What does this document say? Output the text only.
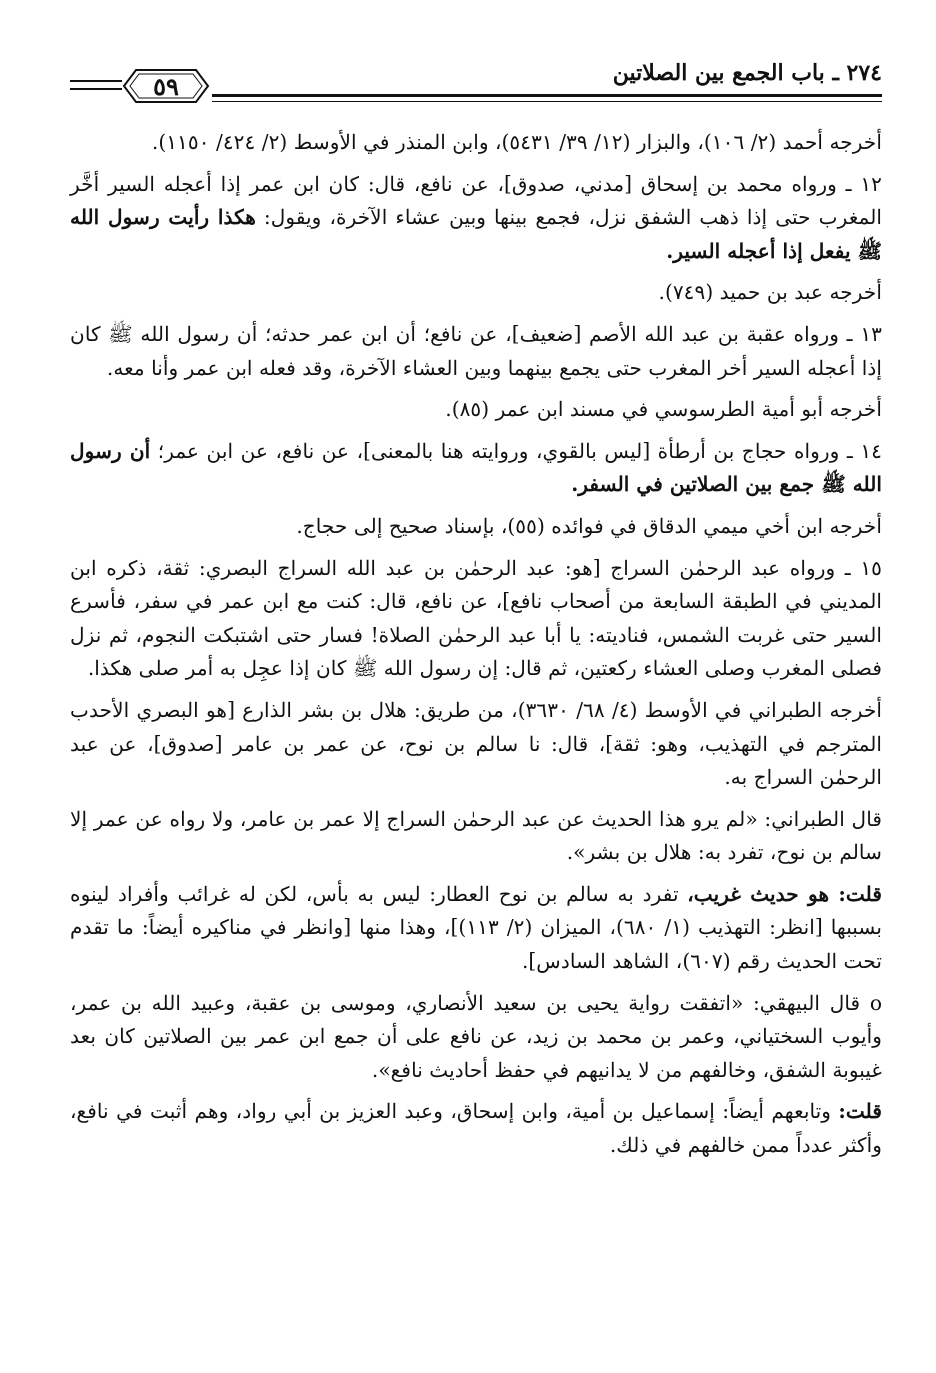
٥٩	٢٧٤ ـ باب الجمع بين الصلاتين

أخرجه أحمد (٢/ ١٠٦)، والبزار (١٢/ ٣٩/ ٥٤٣١)، وابن المنذر في الأوسط (٢/ ٤٢٤/ ١١٥٠).

١٢ ـ ورواه محمد بن إسحاق [مدني، صدوق]، عن نافع، قال: كان ابن عمر إذا أعجله السير أخَّر المغرب حتى إذا ذهب الشفق نزل، فجمع بينها وبين عشاء الآخرة، ويقول: هكذا رأيت رسول الله ﷺ يفعل إذا أعجله السير.

أخرجه عبد بن حميد (٧٤٩).

١٣ ـ ورواه عقبة بن عبد الله الأصم [ضعيف]، عن نافع؛ أن ابن عمر حدثه؛ أن رسول الله ﷺ كان إذا أعجله السير أخر المغرب حتى يجمع بينهما وبين العشاء الآخرة، وقد فعله ابن عمر وأنا معه.

أخرجه أبو أمية الطرسوسي في مسند ابن عمر (٨٥).

١٤ ـ ورواه حجاج بن أرطأة [ليس بالقوي، وروايته هنا بالمعنى]، عن نافع، عن ابن عمر؛ أن رسول الله ﷺ جمع بين الصلاتين في السفر.

أخرجه ابن أخي ميمي الدقاق في فوائده (٥٥)، بإسناد صحيح إلى حجاج.

١٥ ـ ورواه عبد الرحمٰن السراج [هو: عبد الرحمٰن بن عبد الله السراج البصري: ثقة، ذكره ابن المديني في الطبقة السابعة من أصحاب نافع]، عن نافع، قال: كنت مع ابن عمر في سفر، فأسرع السير حتى غربت الشمس، فناديته: يا أبا عبد الرحمٰن الصلاة! فسار حتى اشتبكت النجوم، ثم نزل فصلى المغرب وصلى العشاء ركعتين، ثم قال: إن رسول الله ﷺ كان إذا عجِل به أمر صلى هكذا.

أخرجه الطبراني في الأوسط (٤/ ٦٨/ ٣٦٣٠)، من طريق: هلال بن بشر الذارع [هو البصري الأحدب المترجم في التهذيب، وهو: ثقة]، قال: نا سالم بن نوح، عن عمر بن عامر [صدوق]، عن عبد الرحمٰن السراج به.

قال الطبراني: «لم يرو هذا الحديث عن عبد الرحمٰن السراج إلا عمر بن عامر، ولا رواه عن عمر إلا سالم بن نوح، تفرد به: هلال بن بشر».

قلت: هو حديث غريب، تفرد به سالم بن نوح العطار: ليس به بأس، لكن له غرائب وأفراد لينوه بسببها [انظر: التهذيب (١/ ٦٨٠)، الميزان (٢/ ١١٣)]، وهذا منها [وانظر في مناكيره أيضاً: ما تقدم تحت الحديث رقم (٦٠٧)، الشاهد السادس].

o قال البيهقي: «اتفقت رواية يحيى بن سعيد الأنصاري، وموسى بن عقبة، وعبيد الله بن عمر، وأيوب السختياني، وعمر بن محمد بن زيد، عن نافع على أن جمع ابن عمر بين الصلاتين كان بعد غيبوبة الشفق، وخالفهم من لا يدانيهم في حفظ أحاديث نافع».

قلت: وتابعهم أيضاً: إسماعيل بن أمية، وابن إسحاق، وعبد العزيز بن أبي رواد، وهم أثبت في نافع، وأكثر عدداً ممن خالفهم في ذلك.
